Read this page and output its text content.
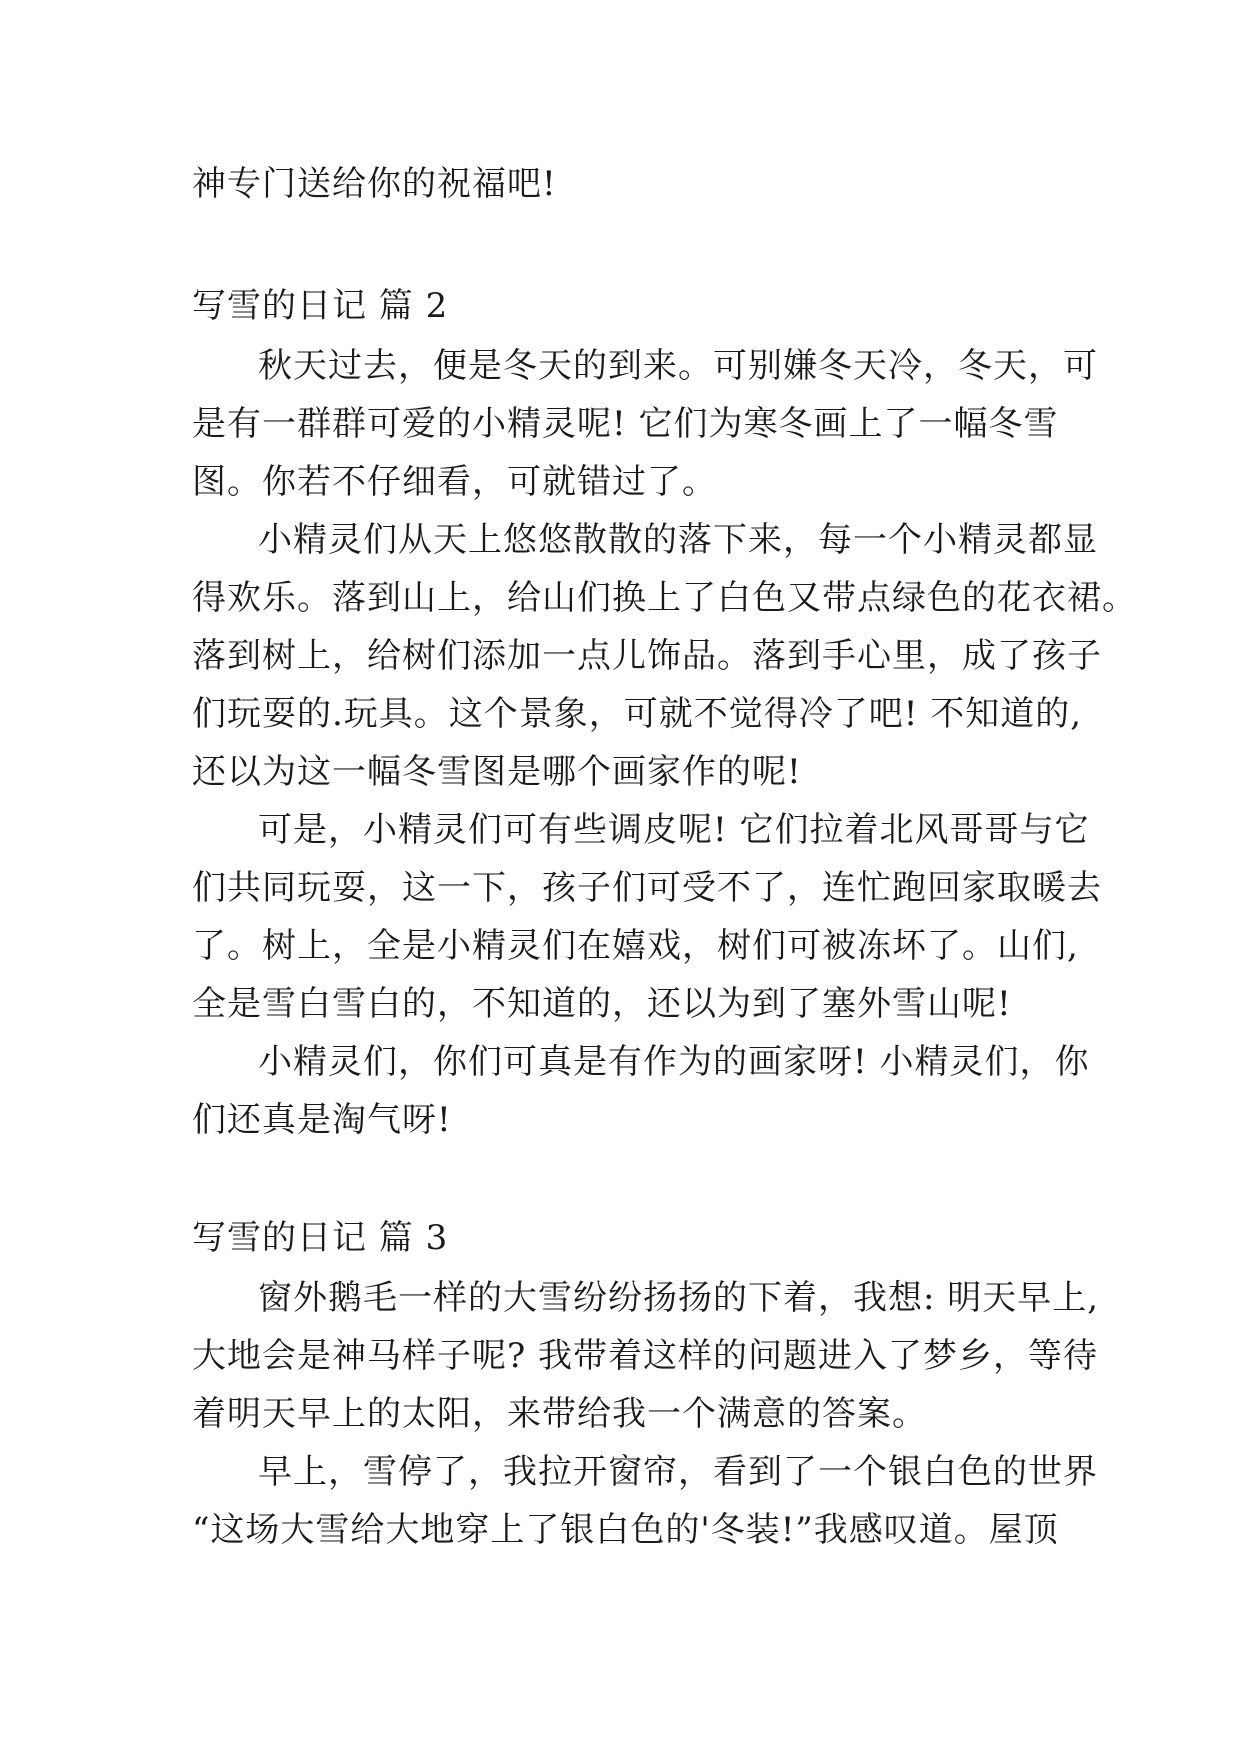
神专门送给你的祝福吧!
写雪的日记 篇 2
秋天过去，便是冬天的到来。可别嫌冬天冷，冬天，可
是有一群群可爱的小精灵呢! 它们为寒冬画上了一幅冬雪
图。你若不仔细看，可就错过了。
小精灵们从天上悠悠散散的落下来，每一个小精灵都显
得欢乐。落到山上，给山们换上了白色又带点绿色的花衣裙。
落到树上，给树们添加一点儿饰品。落到手心里，成了孩子
们玩耍的.玩具。这个景象，可就不觉得冷了吧! 不知道的,
还以为这一幅冬雪图是哪个画家作的呢!
可是，小精灵们可有些调皮呢! 它们拉着北风哥哥与它
们共同玩耍，这一下，孩子们可受不了，连忙跑回家取暖去
了。树上，全是小精灵们在嬉戏，树们可被冻坏了。山们,
全是雪白雪白的，不知道的，还以为到了塞外雪山呢!
小精灵们，你们可真是有作为的画家呀! 小精灵们，你
们还真是淘气呀!
写雪的日记 篇 3
窗外鹅毛一样的大雪纷纷扬扬的下着，我想: 明天早上,
大地会是神马样子呢? 我带着这样的问题进入了梦乡，等待
着明天早上的太阳，来带给我一个满意的答案。
早上，雪停了，我拉开窗帘，看到了一个银白色的世界
“这场大雪给大地穿上了银白色的'冬装!”我感叹道。屋顶
